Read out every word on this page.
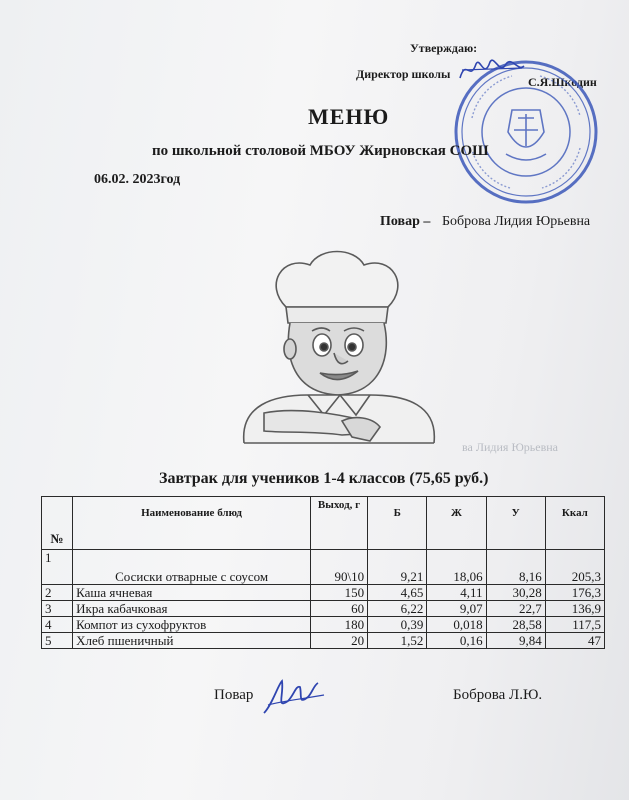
ва Лидия Юрьевна
Утверждаю:
Директор школы
С.Я.Шкодин
МЕНЮ
по школьной столовой МБОУ Жирновская СОШ
06.02. 2023год
Повар – Боброва Лидия Юрьевна
Завтрак для учеников 1-4 классов (75,65 руб.)
№	Наименование блюд	Выход, г	Б	Ж	У	Ккал
1	Сосиски отварные с соусом	90\10	9,21	18,06	8,16	205,3
2	Каша ячневая	150	4,65	4,11	30,28	176,3
3	Икра кабачковая	60	6,22	9,07	22,7	136,9
4	Компот из сухофруктов	180	0,39	0,018	28,58	117,5
5	Хлеб пшеничный	20	1,52	0,16	9,84	47
Повар	Боброва Л.Ю.
